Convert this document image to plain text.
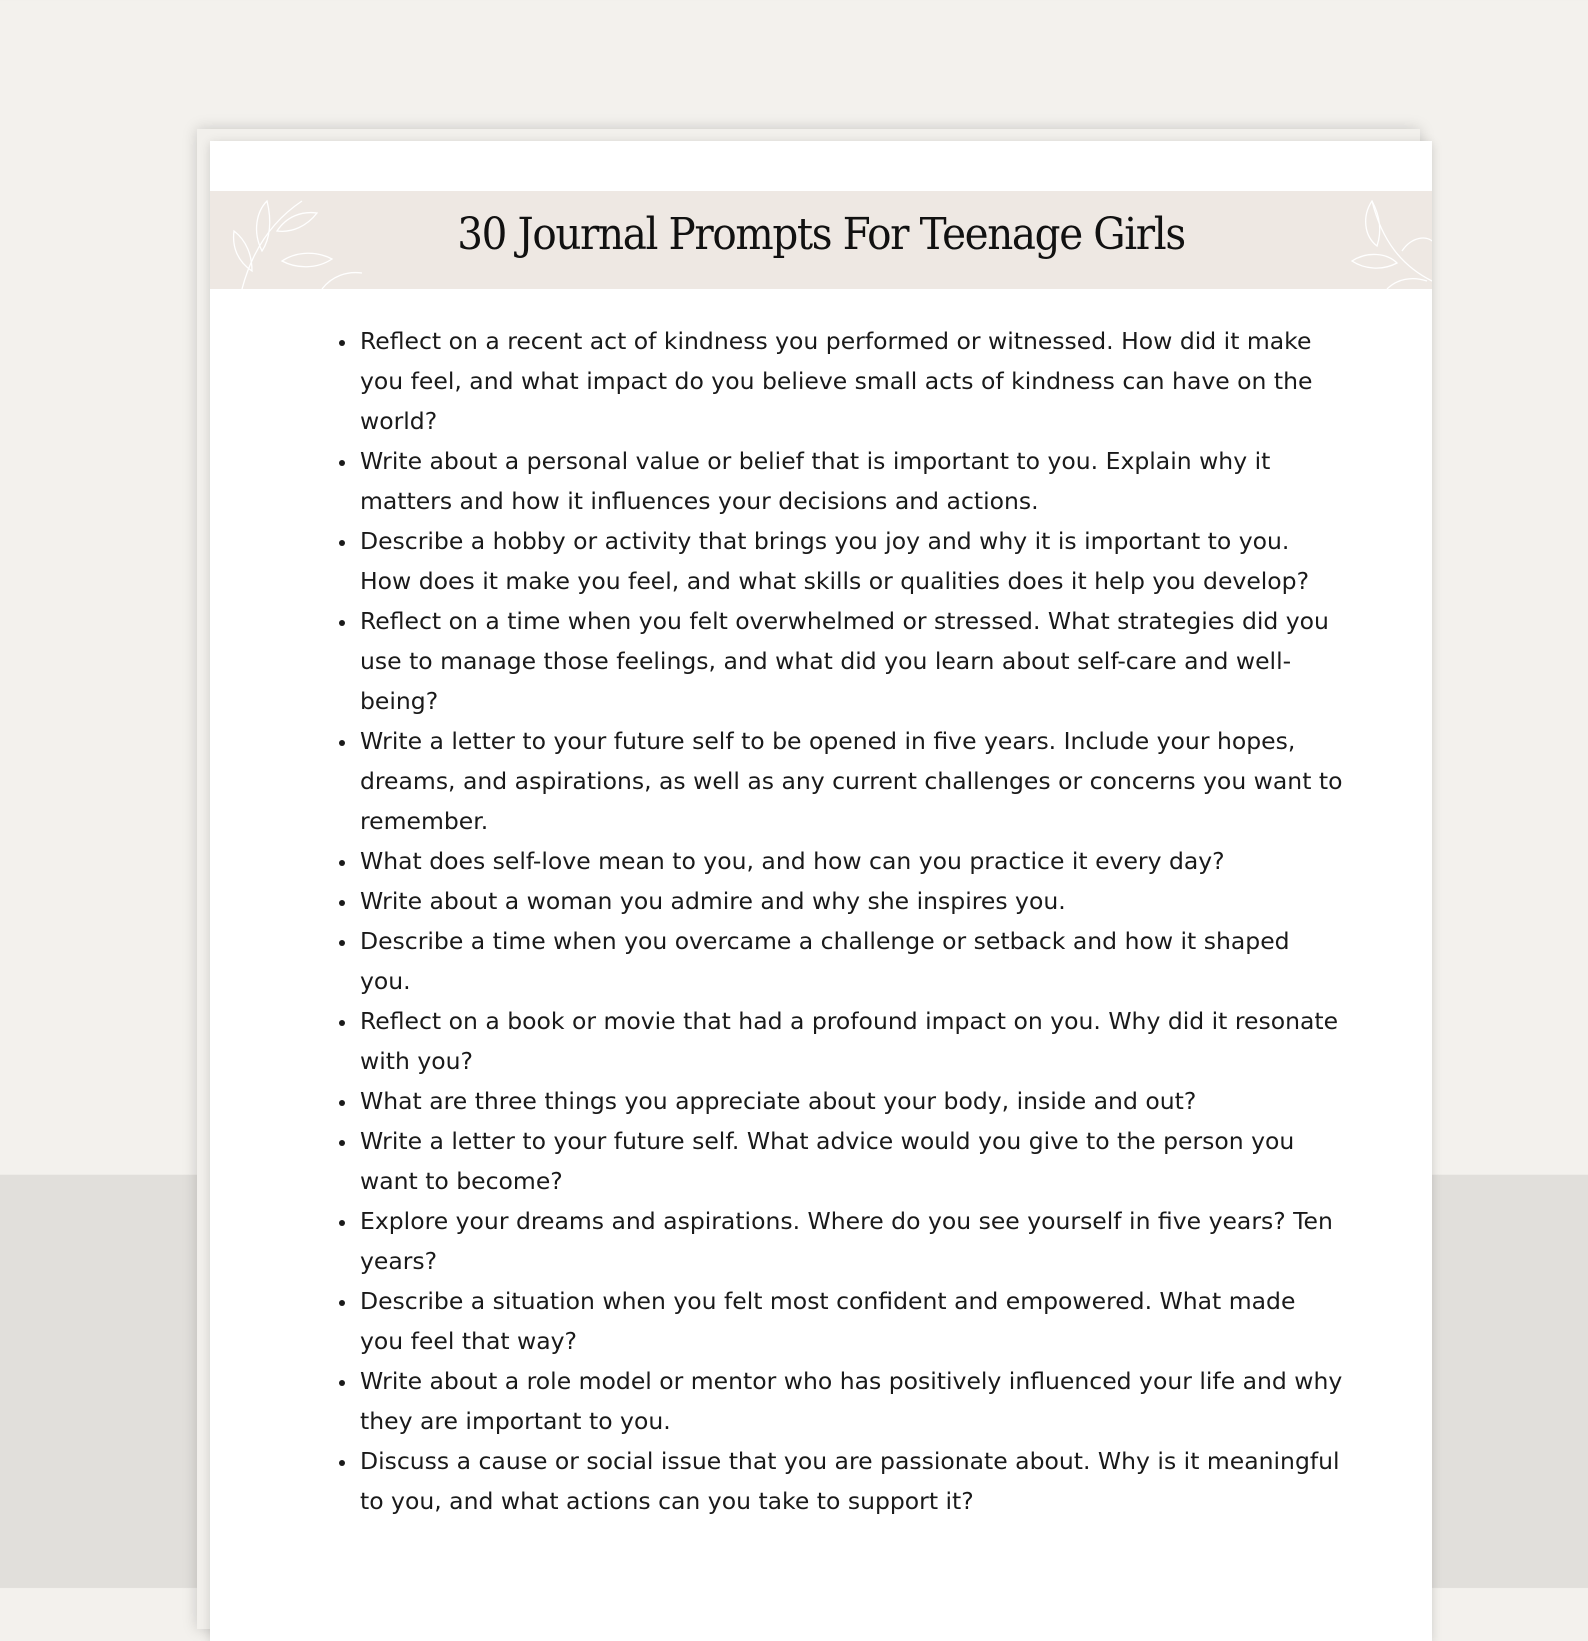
30 Journal Prompts For Teenage Girls
• Reflect on a recent act of kindness you performed or witnessed. How did it make you feel, and what impact do you believe small acts of kindness can have on the world?
• Write about a personal value or belief that is important to you. Explain why it matters and how it influences your decisions and actions.
• Describe a hobby or activity that brings you joy and why it is important to you. How does it make you feel, and what skills or qualities does it help you develop?
• Reflect on a time when you felt overwhelmed or stressed. What strategies did you use to manage those feelings, and what did you learn about self-care and well-being?
• Write a letter to your future self to be opened in five years. Include your hopes, dreams, and aspirations, as well as any current challenges or concerns you want to remember.
• What does self-love mean to you, and how can you practice it every day?
• Write about a woman you admire and why she inspires you.
• Describe a time when you overcame a challenge or setback and how it shaped you.
• Reflect on a book or movie that had a profound impact on you. Why did it resonate with you?
• What are three things you appreciate about your body, inside and out?
• Write a letter to your future self. What advice would you give to the person you want to become?
• Explore your dreams and aspirations. Where do you see yourself in five years? Ten years?
• Describe a situation when you felt most confident and empowered. What made you feel that way?
• Write about a role model or mentor who has positively influenced your life and why they are important to you.
• Discuss a cause or social issue that you are passionate about. Why is it meaningful to you, and what actions can you take to support it?
